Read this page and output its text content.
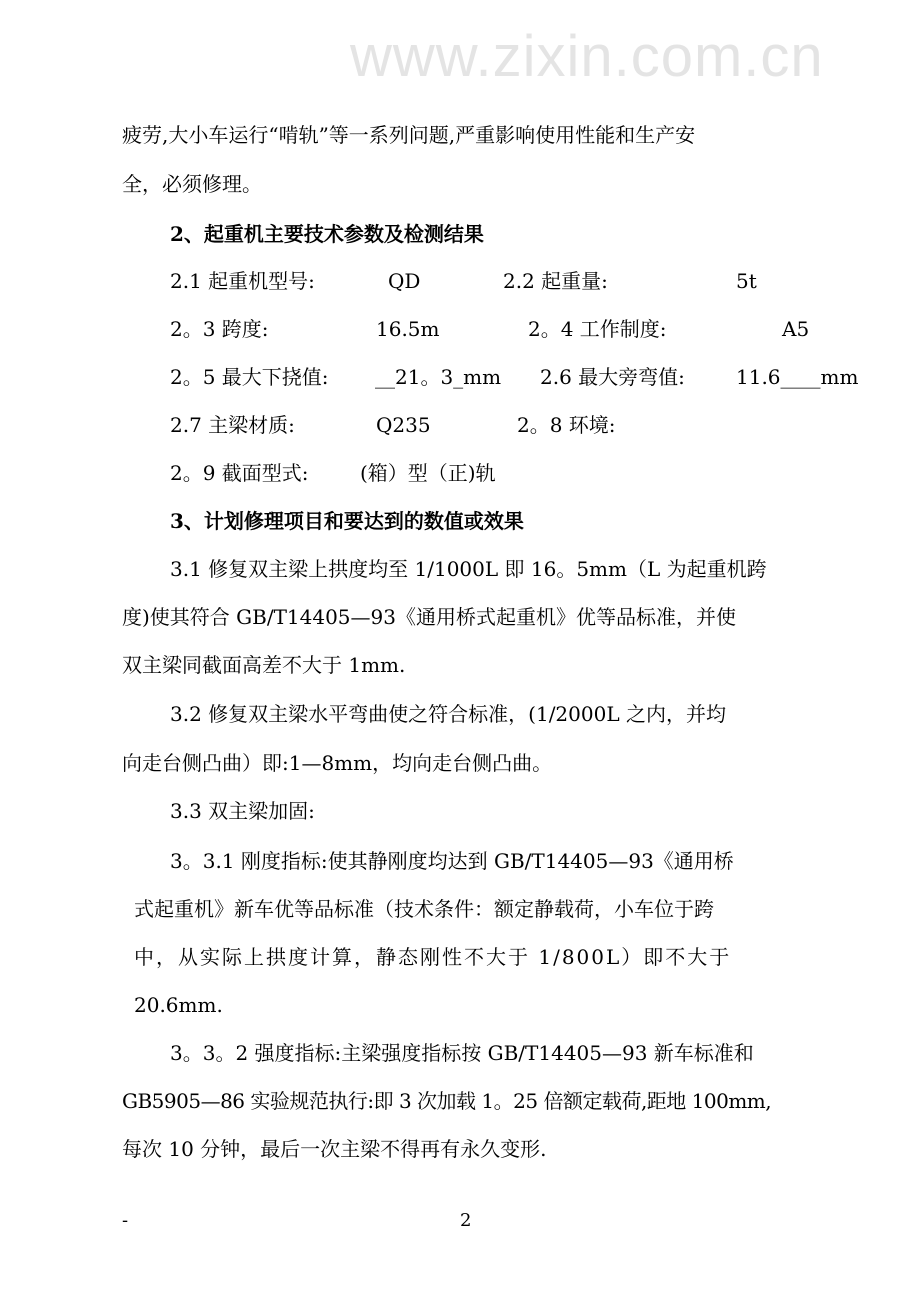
www.zixin.com.cn
疲劳,大小车运行“啃轨”等一系列问题,严重影响使用性能和生产安
全，必须修理。
2、起重机主要技术参数及检测结果
2.1 起重机型号:	QD	2.2 起重量:	5t
2。3 跨度:	16.5m	2。4 工作制度:	A5
2。5 最大下挠值: __21。3_mm 2.6 最大旁弯值:	11.6____mm
2.7 主梁材质:	Q235	2。8 环境:
2。9 截面型式:	(箱）型（正)轨
3、计划修理项目和要达到的数值或效果
3.1 修复双主梁上拱度均至 1/1000L 即 16。5mm（L 为起重机跨
度)使其符合 GB/T14405—93《通用桥式起重机》优等品标准，并使
双主梁同截面高差不大于 1mm.
3.2 修复双主梁水平弯曲使之符合标准，(1/2000L 之内，并均
向走台侧凸曲）即:1—8mm，均向走台侧凸曲。
3.3 双主梁加固:
3。3.1 刚度指标:使其静刚度均达到 GB/T14405—93《通用桥
式起重机》新车优等品标准（技术条件：额定静载荷，小车位于跨
中，从实际上拱度计算，静态刚性不大于 1/800L）即不大于
20.6mm.
3。3。2 强度指标:主梁强度指标按 GB/T14405—93 新车标准和
GB5905—86 实验规范执行:即 3 次加载 1。25 倍额定载荷,距地 100mm,
每次 10 分钟，最后一次主梁不得再有永久变形.
-	2
